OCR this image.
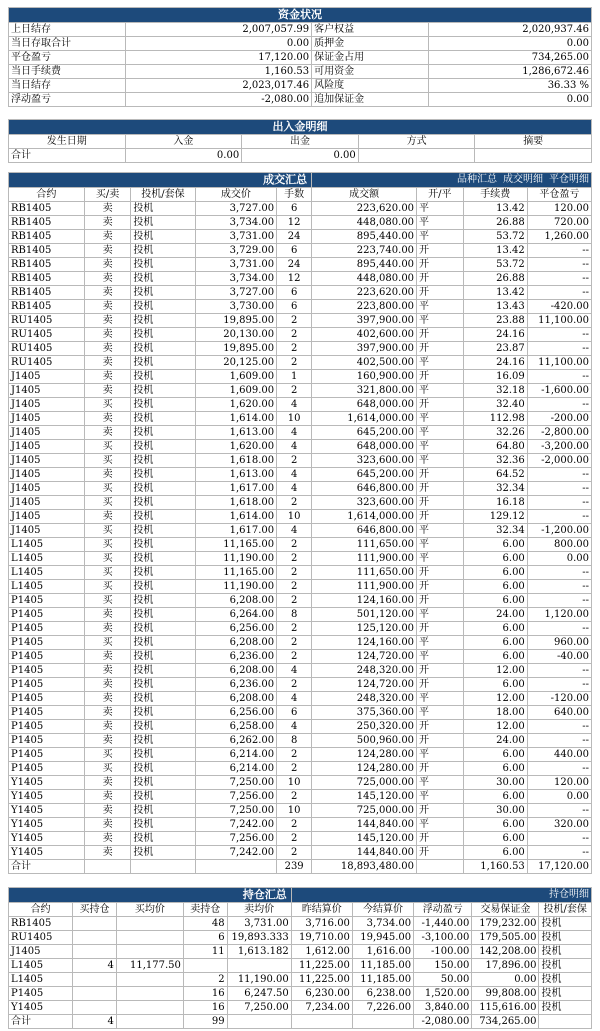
资金状况			
上日结存	2,007,057.99	客户权益	2,020,937.46
当日存取合计	0.00	质押金	0.00
平仓盈亏	17,120.00	保证金占用	734,265.00
当日手续费	1,160.53	可用资金	1,286,672.46
当日结存	2,023,017.46	风险度	36.33 %
浮动盈亏	-2,080.00	追加保证金	0.00
出入金明细				
发生日期	入金	出金	方式	摘要
合计	0.00	0.00		
成交汇总					品种汇总 成交明细 平仓明细			
合约	买/卖	投机/套保	成交价	手数	成交额	开/平	手续费	平仓盈亏
RB1405	卖	投机	3,727.00	6	223,620.00	平	13.42	120.00
RB1405	卖	投机	3,734.00	12	448,080.00	平	26.88	720.00
RB1405	卖	投机	3,731.00	24	895,440.00	平	53.72	1,260.00
RB1405	卖	投机	3,729.00	6	223,740.00	开	13.42	--
RB1405	卖	投机	3,731.00	24	895,440.00	开	53.72	--
RB1405	卖	投机	3,734.00	12	448,080.00	开	26.88	--
RB1405	卖	投机	3,727.00	6	223,620.00	开	13.42	--
RB1405	卖	投机	3,730.00	6	223,800.00	平	13.43	-420.00
RU1405	卖	投机	19,895.00	2	397,900.00	平	23.88	11,100.00
RU1405	卖	投机	20,130.00	2	402,600.00	开	24.16	--
RU1405	卖	投机	19,895.00	2	397,900.00	开	23.87	--
RU1405	卖	投机	20,125.00	2	402,500.00	平	24.16	11,100.00
J1405	卖	投机	1,609.00	1	160,900.00	开	16.09	--
J1405	卖	投机	1,609.00	2	321,800.00	平	32.18	-1,600.00
J1405	买	投机	1,620.00	4	648,000.00	开	32.40	--
J1405	卖	投机	1,614.00	10	1,614,000.00	平	112.98	-200.00
J1405	卖	投机	1,613.00	4	645,200.00	平	32.26	-2,800.00
J1405	买	投机	1,620.00	4	648,000.00	平	64.80	-3,200.00
J1405	买	投机	1,618.00	2	323,600.00	平	32.36	-2,000.00
J1405	卖	投机	1,613.00	4	645,200.00	开	64.52	--
J1405	买	投机	1,617.00	4	646,800.00	开	32.34	--
J1405	买	投机	1,618.00	2	323,600.00	开	16.18	--
J1405	卖	投机	1,614.00	10	1,614,000.00	开	129.12	--
J1405	买	投机	1,617.00	4	646,800.00	平	32.34	-1,200.00
L1405	买	投机	11,165.00	2	111,650.00	平	6.00	800.00
L1405	买	投机	11,190.00	2	111,900.00	平	6.00	0.00
L1405	买	投机	11,165.00	2	111,650.00	开	6.00	--
L1405	买	投机	11,190.00	2	111,900.00	开	6.00	--
P1405	买	投机	6,208.00	2	124,160.00	开	6.00	--
P1405	卖	投机	6,264.00	8	501,120.00	平	24.00	1,120.00
P1405	卖	投机	6,256.00	2	125,120.00	开	6.00	--
P1405	买	投机	6,208.00	2	124,160.00	平	6.00	960.00
P1405	卖	投机	6,236.00	2	124,720.00	平	6.00	-40.00
P1405	卖	投机	6,208.00	4	248,320.00	开	12.00	--
P1405	卖	投机	6,236.00	2	124,720.00	开	6.00	--
P1405	卖	投机	6,208.00	4	248,320.00	平	12.00	-120.00
P1405	卖	投机	6,256.00	6	375,360.00	平	18.00	640.00
P1405	卖	投机	6,258.00	4	250,320.00	开	12.00	--
P1405	卖	投机	6,262.00	8	500,960.00	开	24.00	--
P1405	买	投机	6,214.00	2	124,280.00	平	6.00	440.00
P1405	买	投机	6,214.00	2	124,280.00	开	6.00	--
Y1405	卖	投机	7,250.00	10	725,000.00	平	30.00	120.00
Y1405	卖	投机	7,256.00	2	145,120.00	平	6.00	0.00
Y1405	卖	投机	7,250.00	10	725,000.00	开	30.00	--
Y1405	卖	投机	7,242.00	2	144,840.00	平	6.00	320.00
Y1405	卖	投机	7,256.00	2	145,120.00	开	6.00	--
Y1405	卖	投机	7,242.00	2	144,840.00	开	6.00	--
合计				239	18,893,480.00		1,160.53	17,120.00
持仓汇总					持仓明细				
合约	买持仓	买均价	卖持仓	卖均价	昨结算价	今结算价	浮动盈亏	交易保证金	投机/套保
RB1405			48	3,731.00	3,716.00	3,734.00	-1,440.00	179,232.00	投机
RU1405			6	19,893.333	19,710.00	19,945.00	-3,100.00	179,505.00	投机
J1405			11	1,613.182	1,612.00	1,616.00	-100.00	142,208.00	投机
L1405	4	11,177.50			11,225.00	11,185.00	150.00	17,896.00	投机
L1405			2	11,190.00	11,225.00	11,185.00	50.00	0.00	投机
P1405			16	6,247.50	6,230.00	6,238.00	1,520.00	99,808.00	投机
Y1405			16	7,250.00	7,234.00	7,226.00	3,840.00	115,616.00	投机
合计	4		99				-2,080.00	734,265.00	
